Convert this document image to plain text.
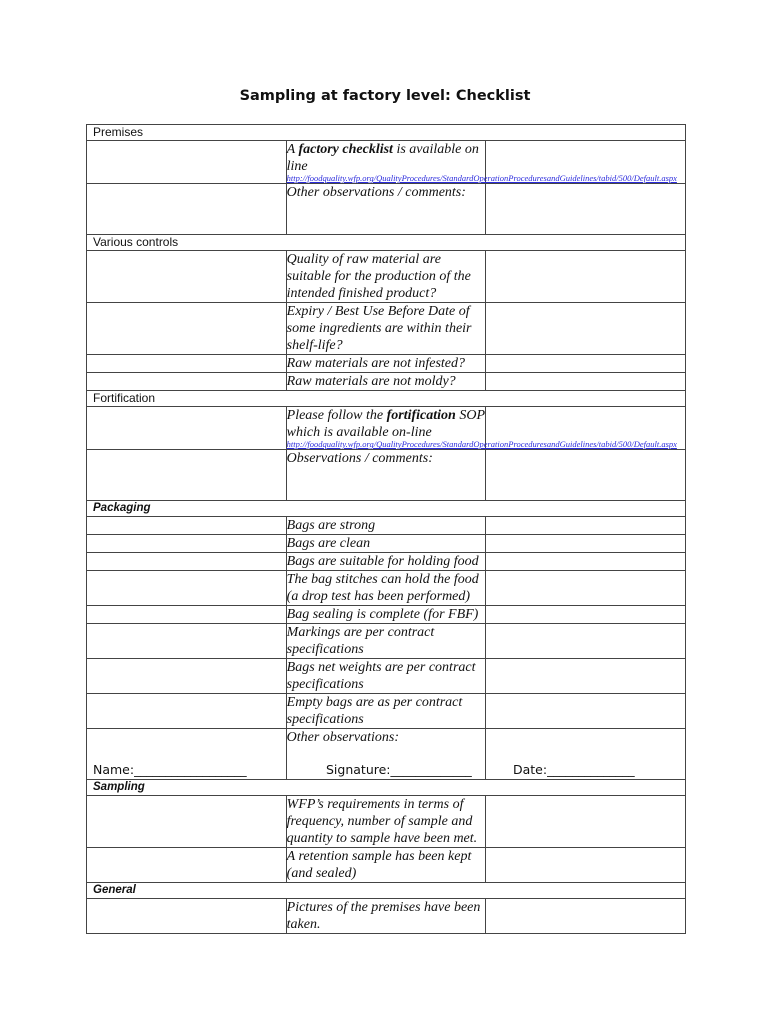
Sampling at factory level: Checklist
Premises		
	A factory checklist is available on line
http://foodquality.wfp.org/QualityProcedures/StandardOperationProceduresandGuidelines/tabid/500/Default.aspx	

	Other observations / comments:	
Various controls		
	Quality of raw material are suitable for the production of the intended finished product?	
	Expiry / Best Use Before Date of some ingredients are within their shelf-life?	
	Raw materials are not infested?	
	Raw materials are not moldy?	
Fortification		
	Please follow the fortification SOP which is available on-line
http://foodquality.wfp.org/QualityProcedures/StandardOperationProceduresandGuidelines/tabid/500/Default.aspx	

	Observations / comments:	
Packaging		
	Bags are strong	
	Bags are clean	
	Bags are suitable for holding food	
	The bag stitches can hold the food (a drop test has been performed)	
	Bag sealing is complete (for FBF)	
	Markings are per contract specifications	
	Bags net weights are per contract specifications	
	Empty bags are as per contract specifications	
	Other observations:	
Sampling		
	WFP’s requirements in terms of frequency, number of sample and quantity to sample have been met.	
	A retention sample has been kept (and sealed)	
General		
	Pictures of the premises have been taken.	
Name:__________________	Signature:_____________	Date:______________
